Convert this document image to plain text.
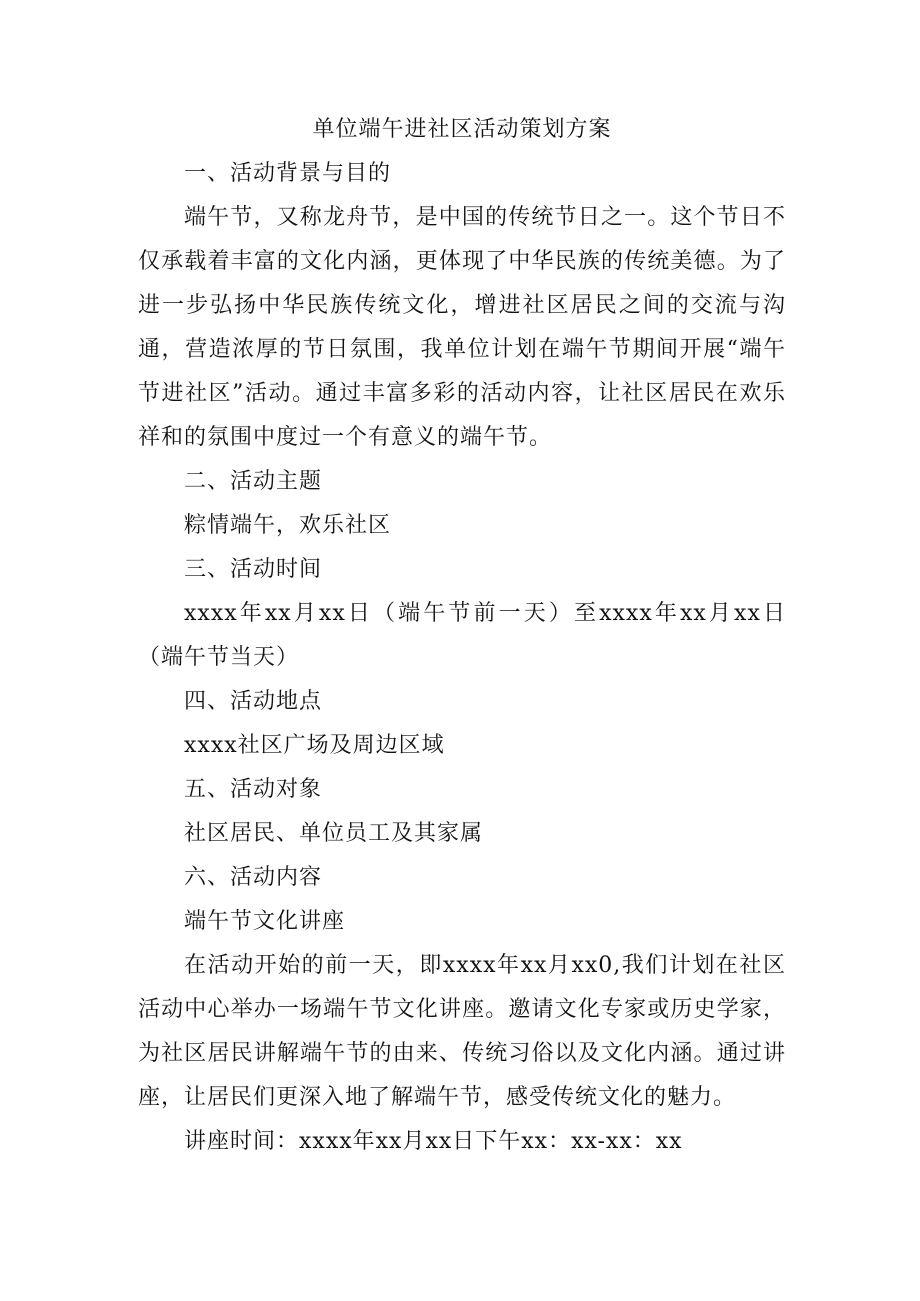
单位端午进社区活动策划方案

一、活动背景与目的

端午节，又称龙舟节，是中国的传统节日之一。这个节日不仅承载着丰富的文化内涵，更体现了中华民族的传统美德。为了进一步弘扬中华民族传统文化，增进社区居民之间的交流与沟通，营造浓厚的节日氛围，我单位计划在端午节期间开展“端午节进社区”活动。通过丰富多彩的活动内容，让社区居民在欢乐祥和的氛围中度过一个有意义的端午节。

二、活动主题

粽情端午，欢乐社区

三、活动时间

xxxx年xx月xx日（端午节前一天）至xxxx年xx月xx日（端午节当天）

四、活动地点

xxxx社区广场及周边区域

五、活动对象

社区居民、单位员工及其家属

六、活动内容

端午节文化讲座

在活动开始的前一天，即xxxx年xx月xx0,我们计划在社区活动中心举办一场端午节文化讲座。邀请文化专家或历史学家，为社区居民讲解端午节的由来、传统习俗以及文化内涵。通过讲座，让居民们更深入地了解端午节，感受传统文化的魅力。

讲座时间：xxxx年xx月xx日下午xx：xx-xx：xx
